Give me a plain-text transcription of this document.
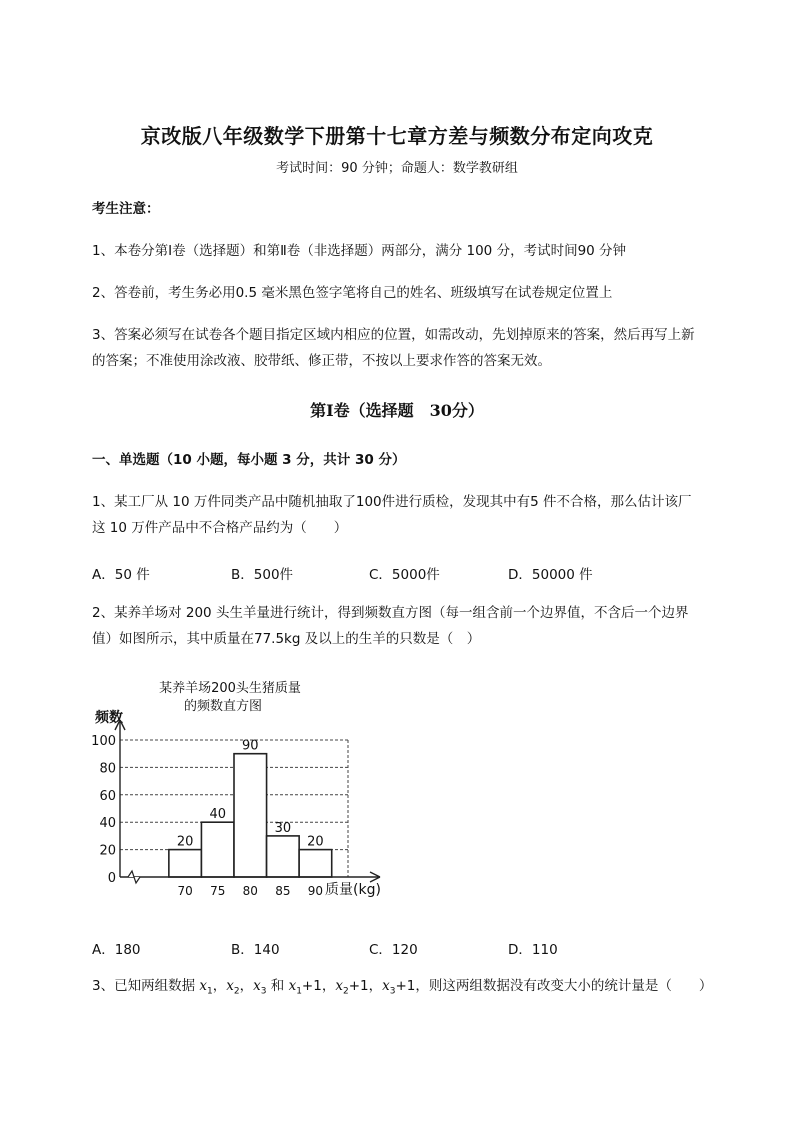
京改版八年级数学下册第十七章方差与频数分布定向攻克
考试时间：90 分钟；命题人：数学教研组
考生注意：
1、本卷分第Ⅰ卷（选择题）和第Ⅱ卷（非选择题）两部分，满分 100 分，考试时间90 分钟
2、答卷前，考生务必用0.5 毫米黑色签字笔将自己的姓名、班级填写在试卷规定位置上
3、答案必须写在试卷各个题目指定区域内相应的位置，如需改动，先划掉原来的答案，然后再写上新
的答案；不准使用涂改液、胶带纸、修正带，不按以上要求作答的答案无效。
第Ⅰ卷（选择题　30分）
一、单选题（10 小题，每小题 3 分，共计 30 分）
1、某工厂从 10 万件同类产品中随机抽取了100件进行质检，发现其中有5 件不合格，那么估计该厂
这 10 万件产品中不合格产品约为（　　）
A．50 件	B．500件	C．5000件	D．50000 件
2、某养羊场对 200 头生羊量进行统计，得到频数直方图（每一组含前一个边界值，不含后一个边界
值）如图所示，其中质量在77.5kg 及以上的生羊的只数是（　）
某养羊场200头生猪质量
的频数直方图
频数
质量(kg)
20
40
90
30
20
0
20
40
60
80
100
70 75 80 85 90
A．180	B．140	C．120	D．110
3、已知两组数据 $x_1$，$x_2$，$x_3$ 和 $x_1+1$，$x_2+1$，$x_3+1$，则这两组数据没有改变大小的统计量是（　　）
